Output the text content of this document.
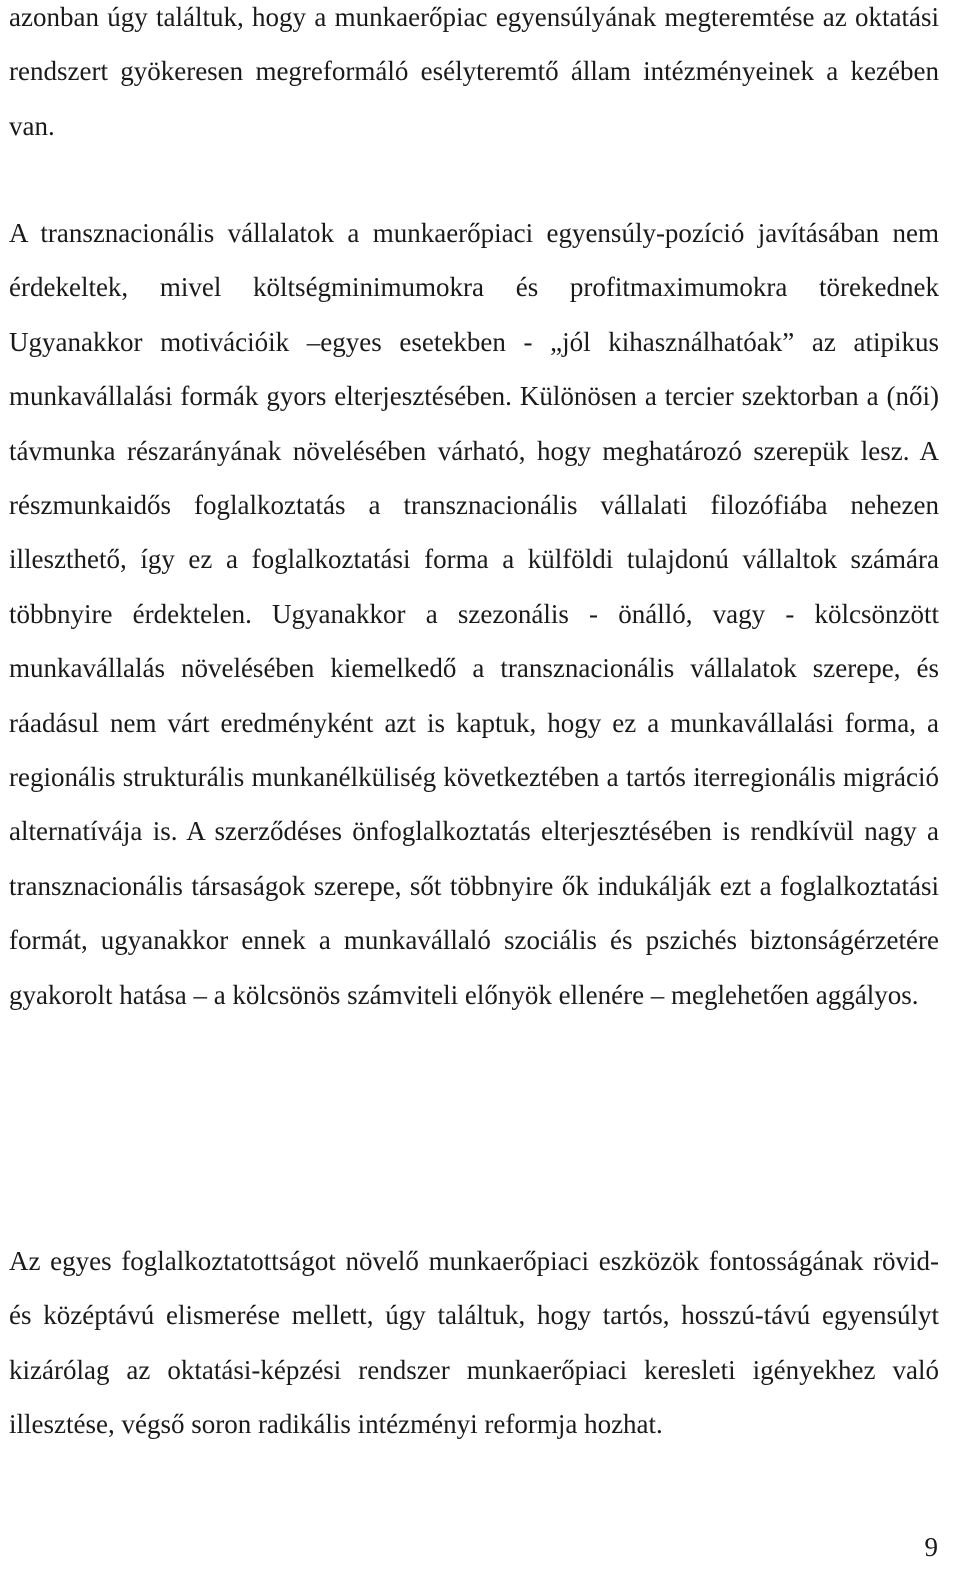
azonban úgy találtuk, hogy a munkaerőpiac egyensúlyának megteremtése az oktatási rendszert gyökeresen megreformáló esélyteremtő állam intézményeinek a kezében van.

A transznacionális vállalatok a munkaerőpiaci egyensúly-pozíció javításában nem érdekeltek, mivel költségminimumokra és profitmaximumokra törekednek Ugyanakkor motivációik –egyes esetekben - „jól kihasználhatóak” az atipikus munkavállalási formák gyors elterjesztésében. Különösen a tercier szektorban a (női) távmunka részarányának növelésében várható, hogy meghatározó szerepük lesz. A részmunkaidős foglalkoztatás a transznacionális vállalati filozófiába nehezen illeszthető, így ez a foglalkoztatási forma a külföldi tulajdonú vállaltok számára többnyire érdektelen. Ugyanakkor a szezonális - önálló, vagy - kölcsönzött munkavállalás növelésében kiemelkedő a transznacionális vállalatok szerepe, és ráadásul nem várt eredményként azt is kaptuk, hogy ez a munkavállalási forma, a regionális strukturális munkanélküliség következtében a tartós iterregionális migráció alternatívája is. A szerződéses önfoglalkoztatás elterjesztésében is rendkívül nagy a transznacionális társaságok szerepe, sőt többnyire ők indukálják ezt a foglalkoztatási formát, ugyanakkor ennek a munkavállaló szociális és pszichés biztonságérzetére gyakorolt hatása – a kölcsönös számviteli előnyök ellenére – meglehetően aggályos.

Az egyes foglalkoztatottságot növelő munkaerőpiaci eszközök fontosságának rövid- és középtávú elismerése mellett, úgy találtuk, hogy tartós, hosszú-távú egyensúlyt kizárólag az oktatási-képzési rendszer munkaerőpiaci keresleti igényekhez való illesztése, végső soron radikális intézményi reformja hozhat.

9
